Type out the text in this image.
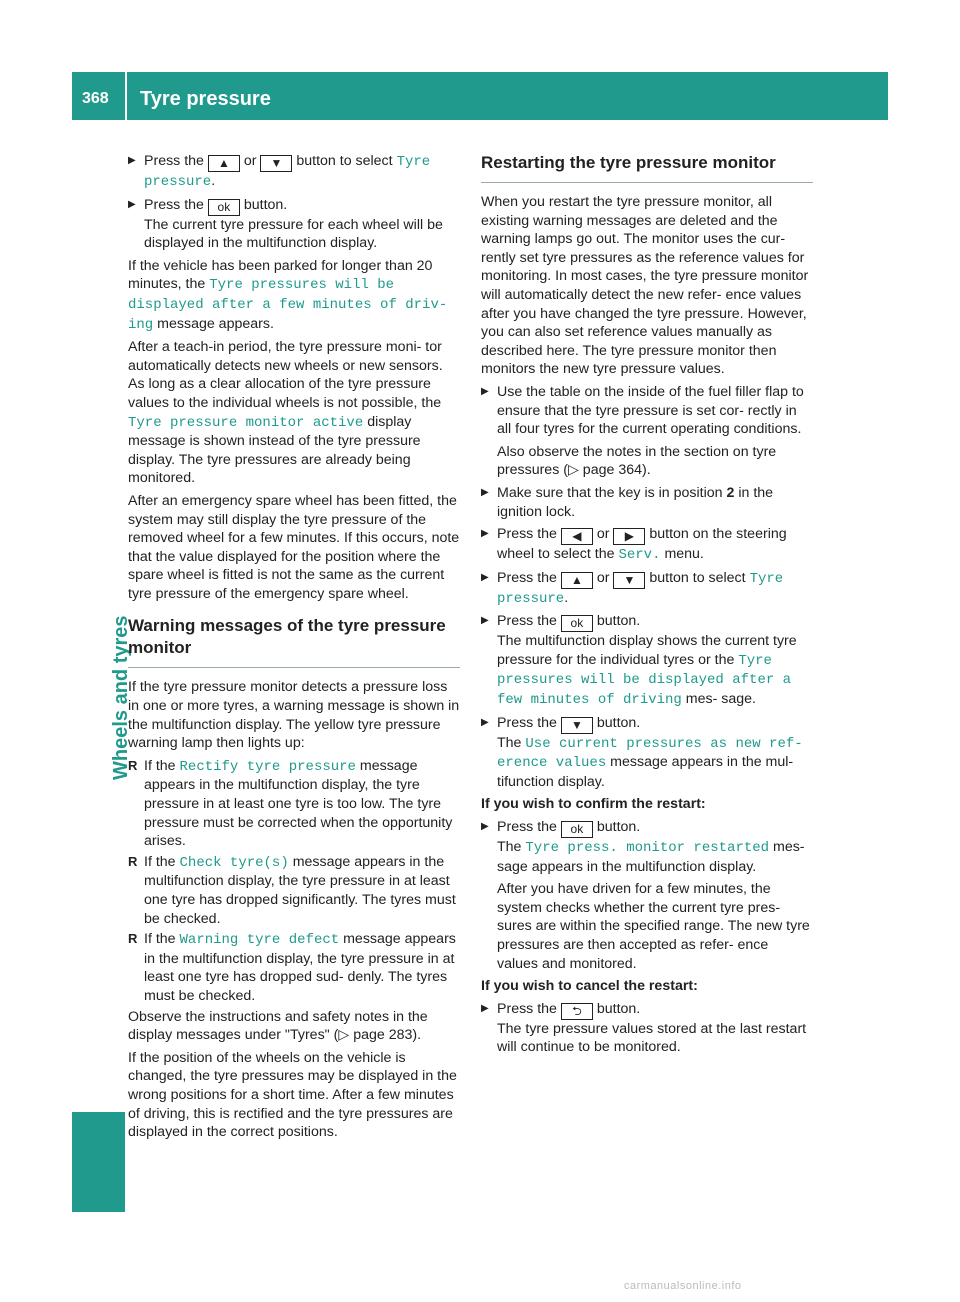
368 Tyre pressure
Wheels and tyres
▶ Press the ▲ or ▼ button to select Tyre pressure.
▶ Press the ok button.
The current tyre pressure for each wheel will be displayed in the multifunction display.

If the vehicle has been parked for longer than 20 minutes, the Tyre pressures will be displayed after a few minutes of driv‑ ing message appears.

After a teach-in period, the tyre pressure moni- tor automatically detects new wheels or new sensors. As long as a clear allocation of the tyre pressure values to the individual wheels is not possible, the Tyre pressure monitor active display message is shown instead of the tyre pressure display. The tyre pressures are already being monitored.

After an emergency spare wheel has been fitted, the system may still display the tyre pressure of the removed wheel for a few minutes. If this occurs, note that the value displayed for the position where the spare wheel is fitted is not the same as the current tyre pressure of the emergency spare wheel.

Warning messages of the tyre pressure monitor

If the tyre pressure monitor detects a pressure loss in one or more tyres, a warning message is shown in the multifunction display. The yellow tyre pressure warning lamp then lights up:

R If the Rectify tyre pressure message appears in the multifunction display, the tyre pressure in at least one tyre is too low. The tyre pressure must be corrected when the opportunity arises.
R If the Check tyre(s) message appears in the multifunction display, the tyre pressure in at least one tyre has dropped significantly. The tyres must be checked.
R If the Warning tyre defect message appears in the multifunction display, the tyre pressure in at least one tyre has dropped sud- denly. The tyres must be checked.

Observe the instructions and safety notes in the display messages under "Tyres" (▷ page 283).

If the position of the wheels on the vehicle is changed, the tyre pressures may be displayed in the wrong positions for a short time. After a few minutes of driving, this is rectified and the tyre pressures are displayed in the correct positions.

Restarting the tyre pressure monitor

When you restart the tyre pressure monitor, all existing warning messages are deleted and the warning lamps go out. The monitor uses the cur- rently set tyre pressures as the reference values for monitoring. In most cases, the tyre pressure monitor will automatically detect the new refer- ence values after you have changed the tyre pressure. However, you can also set reference values manually as described here. The tyre pressure monitor then monitors the new tyre pressure values.

▶ Use the table on the inside of the fuel filler flap to ensure that the tyre pressure is set cor- rectly in all four tyres for the current operating conditions.

Also observe the notes in the section on tyre pressures (▷ page 364).

▶ Make sure that the key is in position 2 in the ignition lock.
▶ Press the ◀ or ▶ button on the steering wheel to select the Serv. menu.
▶ Press the ▲ or ▼ button to select Tyre pressure.
▶ Press the ok button.
The multifunction display shows the current tyre pressure for the individual tyres or the Tyre pressures will be displayed after a few minutes of driving mes- sage.
▶ Press the ▼ button.
The Use current pressures as new ref‑ erence values message appears in the mul- tifunction display.

If you wish to confirm the restart:

▶ Press the ok button.
The Tyre press. monitor restarted mes- sage appears in the multifunction display.

After you have driven for a few minutes, the system checks whether the current tyre pres- sures are within the specified range. The new tyre pressures are then accepted as refer- ence values and monitored.

If you wish to cancel the restart:

▶ Press the ⮌ button.
The tyre pressure values stored at the last restart will continue to be monitored.
carmanualsonline.info
